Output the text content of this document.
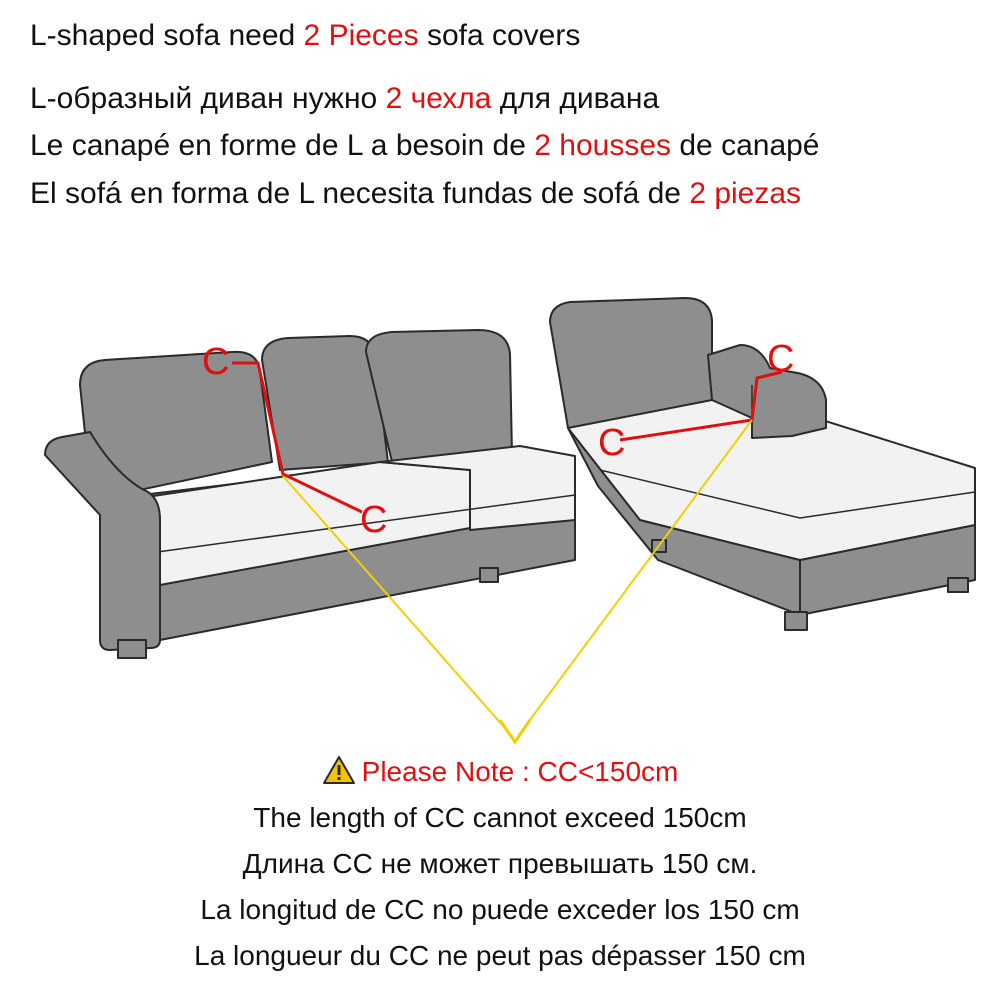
L-shaped sofa need 2 Pieces sofa covers
L-образный диван нужно 2 чехла для дивана
Le canapé en forme de L a besoin de 2 housses de canapé
El sofá en forma de L necesita fundas de sofá de 2 piezas
C
C
C
C
Please Note : CC<150cm
The length of CC cannot exceed 150cm
Длина CC не может превышать 150 см.
La longitud de CC no puede exceder los 150 cm
La longueur du CC ne peut pas dépasser 150 cm
